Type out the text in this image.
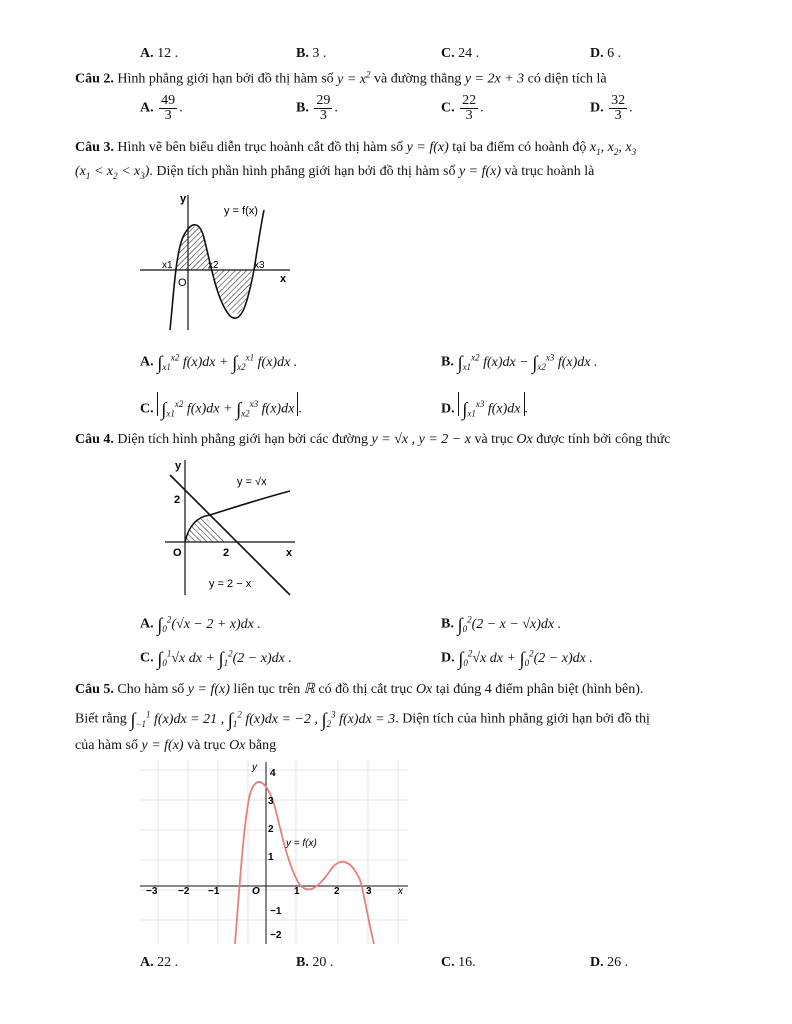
A. 12 .	B. 3 .	C. 24 .	D. 6 .
Câu 2. Hình phẳng giới hạn bởi đồ thị hàm số $y = x^2$ và đường thẳng y = 2x + 3 có diện tích là
A. $\frac{49}{3}$ .	B. $\frac{29}{3}$ .	C. $\frac{22}{3}$ .	D. $\frac{32}{3}$ .
Câu 3. Hình vẽ bên biểu diễn trục hoành cắt đồ thị hàm số y = f(x) tại ba điểm có hoành độ $x_1$, $x_2$, $x_3$
$(x_1 < x_2 < x_3)$. Diện tích phần hình phẳng giới hạn bởi đồ thị hàm số y = f(x) và trục hoành là
y = f(x)
x1	x2	x3
O	x
y
A. $\int_{x1}^{x2}$ $f(x)dx + \int_{x2}^{x1}$ f(x)dx .	B. $\int_{x1}^{x2}$ $f(x)dx - \int_{x2}^{x3}$ f(x)dx .
C. $\int_{x1}^{x2}$ $f(x)dx + \int_{x2}^{x3}$ f(x)dx .	D. $\int_{x1}^{x3}$ f(x)dx .
Câu 4. Diện tích hình phẳng giới hạn bởi các đường y = √x , y = 2 − x và trục Ox được tính bởi công thức
y = √x
y = 2 − x
2
2
O	x
y
A. $\int_0^2(√x - 2 + x)dx$ .	B. $\int_0^2(2 - x - √x)dx$ .
C. $\int_0^1√x$ dx + $\int_1^2(2 - x)dx$ .	D. $\int_0^2√x$ dx + $\int_0^2(2 - x)dx$ .
Câu 5. Cho hàm số y = f(x) liên tục trên ℝ có đồ thị cắt trục Ox tại đúng 4 điểm phân biệt (hình bên).
Biết rằng $\int_{-1}^1$ f(x)dx = 21 , $\int_1^2$ f(x)dx = −2 , $\int_2^3$ f(x)dx = 3. Diện tích của hình phẳng giới hạn bởi đồ thị
của hàm số y = f(x) và trục Ox bằng
y = f(x)
−3 −2 −1	O	1	2	3
4
3
2
1
−1
−2
x
y
A. 22 .	B. 20 .	C. 16.	D. 26 .
